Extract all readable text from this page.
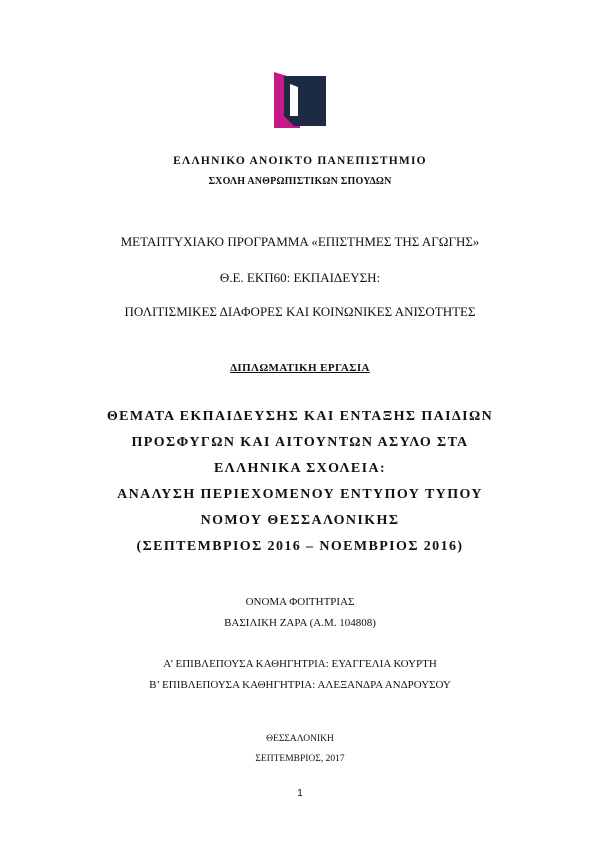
ΕΛΛΗΝΙΚΟ ΑΝΟΙΚΤΟ ΠΑΝΕΠΙΣΤΗΜΙΟ
ΣΧΟΛΗ ΑΝΘΡΩΠΙΣΤΙΚΩΝ ΣΠΟΥΔΩΝ
ΜΕΤΑΠΤΥΧΙΑΚΟ ΠΡΟΓΡΑΜΜΑ «ΕΠΙΣΤΗΜΕΣ ΤΗΣ ΑΓΩΓΗΣ»
Θ.Ε. ΕΚΠ60: ΕΚΠΑΙΔΕΥΣΗ:
ΠΟΛΙΤΙΣΜΙΚΕΣ ΔΙΑΦΟΡΕΣ ΚΑΙ ΚΟΙΝΩΝΙΚΕΣ ΑΝΙΣΟΤΗΤΕΣ
ΔΙΠΛΩΜΑΤΙΚΗ ΕΡΓΑΣΙΑ
ΘΕΜΑΤΑ ΕΚΠΑΙΔΕΥΣΗΣ ΚΑΙ ΕΝΤΑΞΗΣ ΠΑΙΔΙΩΝ
ΠΡΟΣΦΥΓΩΝ ΚΑΙ ΑΙΤΟΥΝΤΩΝ ΑΣΥΛΟ ΣΤΑ
ΕΛΛΗΝΙΚΑ ΣΧΟΛΕΙΑ:
ΑΝΑΛΥΣΗ ΠΕΡΙΕΧΟΜΕΝΟΥ ΕΝΤΥΠΟΥ ΤΥΠΟΥ
ΝΟΜΟΥ ΘΕΣΣΑΛΟΝΙΚΗΣ
(ΣΕΠΤΕΜΒΡΙΟΣ 2016 – ΝΟΕΜΒΡΙΟΣ 2016)
ΟΝΟΜΑ ΦΟΙΤΗΤΡΙΑΣ
ΒΑΣΙΛΙΚΗ ΖΑΡΑ (Α.Μ. 104808)
Α’ ΕΠΙΒΛΕΠΟΥΣΑ ΚΑΘΗΓΗΤΡΙΑ: ΕΥΑΓΓΕΛΙΑ ΚΟΥΡΤΗ
Β’ ΕΠΙΒΛΕΠΟΥΣΑ ΚΑΘΗΓΗΤΡΙΑ: ΑΛΕΞΑΝΔΡΑ ΑΝΔΡΟΥΣΟΥ
ΘΕΣΣΑΛΟΝΙΚΗ
ΣΕΠΤΕΜΒΡΙΟΣ, 2017
1
